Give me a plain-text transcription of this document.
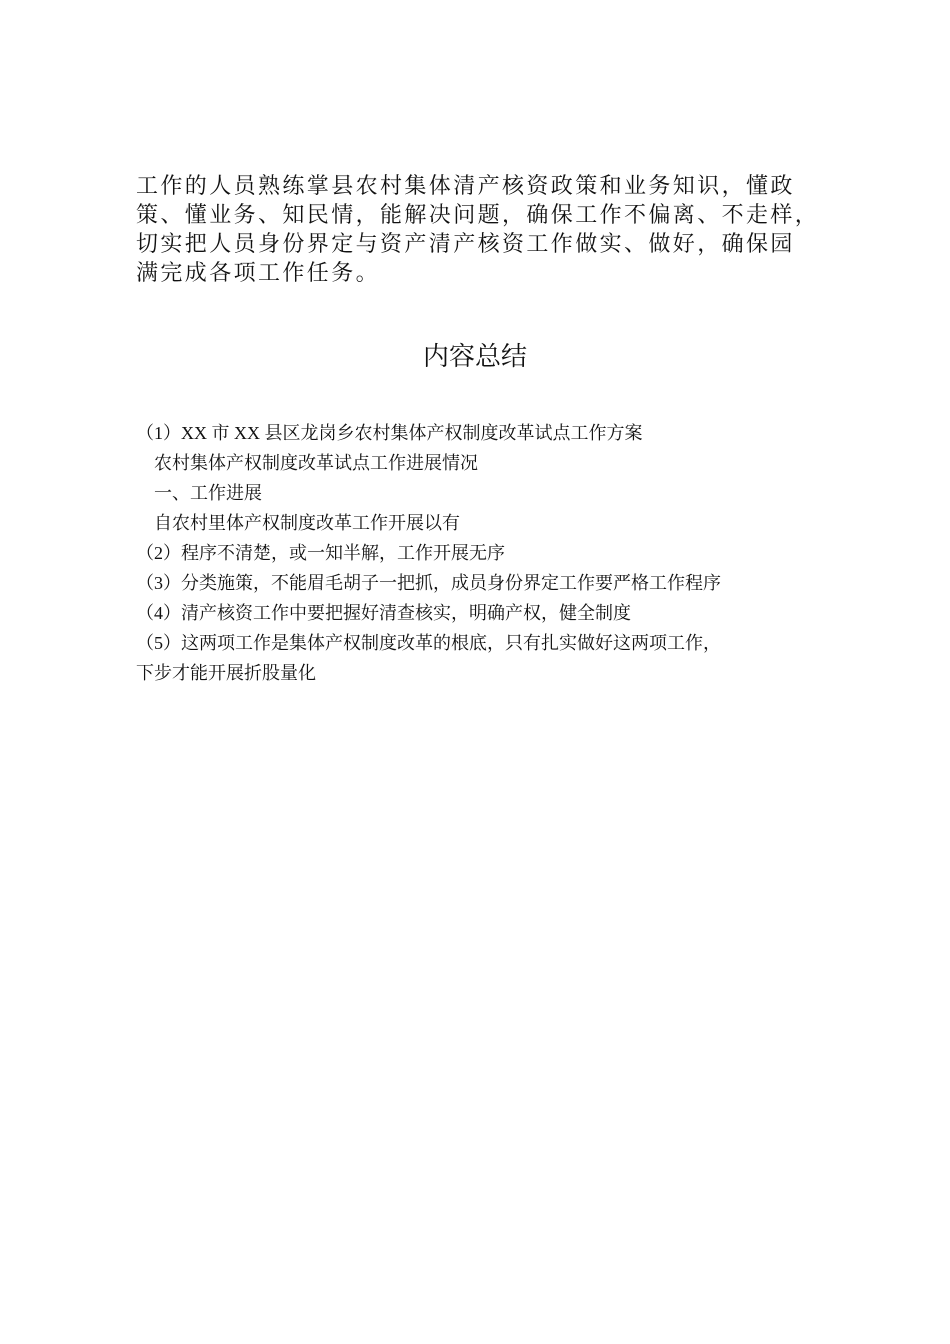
工作的人员熟练掌县农村集体清产核资政策和业务知识，懂政
策、懂业务、知民情，能解决问题，确保工作不偏离、不走样，
切实把人员身份界定与资产清产核资工作做实、做好，确保园
满完成各项工作任务。

内容总结
（1）XX 市 XX 县区龙岗乡农村集体产权制度改革试点工作方案
农村集体产权制度改革试点工作进展情况
一、工作进展
自农村里体产权制度改革工作开展以有
（2）程序不清楚，或一知半解，工作开展无序
（3）分类施策，不能眉毛胡子一把抓，成员身份界定工作要严格工作程序
（4）清产核资工作中要把握好清查核实，明确产权，健全制度
（5）这两项工作是集体产权制度改革的根底，只有扎实做好这两项工作，
下步才能开展折股量化
